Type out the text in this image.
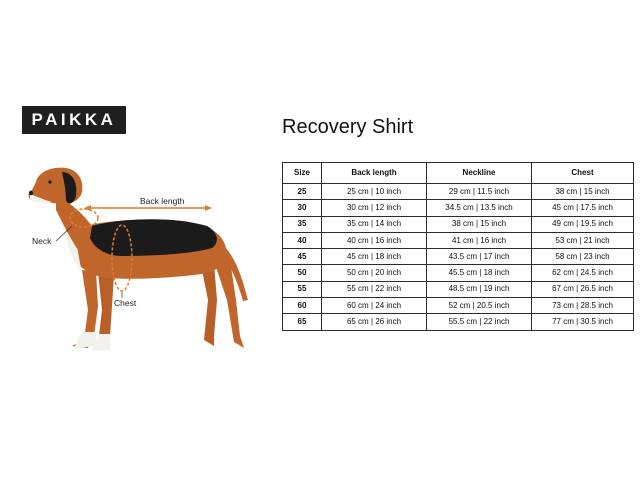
PAIKKA	Recovery Shirt
Back length
Neck
Chest
Size	Back length	Neckline	Chest
25	25 cm | 10 inch	29 cm | 11.5 inch	38 cm | 15 inch
30	30 cm | 12 inch	34.5 cm | 13.5 inch	45 cm | 17.5 inch
35	35 cm | 14 inch	38 cm | 15 inch	49 cm | 19.5 inch
40	40 cm | 16 inch	41 cm | 16 inch	53 cm | 21 inch
45	45 cm | 18 inch	43.5 cm | 17 inch	58 cm | 23 inch
50	50 cm | 20 inch	45.5 cm | 18 inch	62 cm | 24.5 inch
55	55 cm | 22 inch	48.5 cm | 19 inch	67 cm | 26.5 inch
60	60 cm | 24 inch	52 cm | 20.5 inch	73 cm | 28.5 inch
65	65 cm | 26 inch	55.5 cm | 22 inch	77 cm | 30.5 inch
